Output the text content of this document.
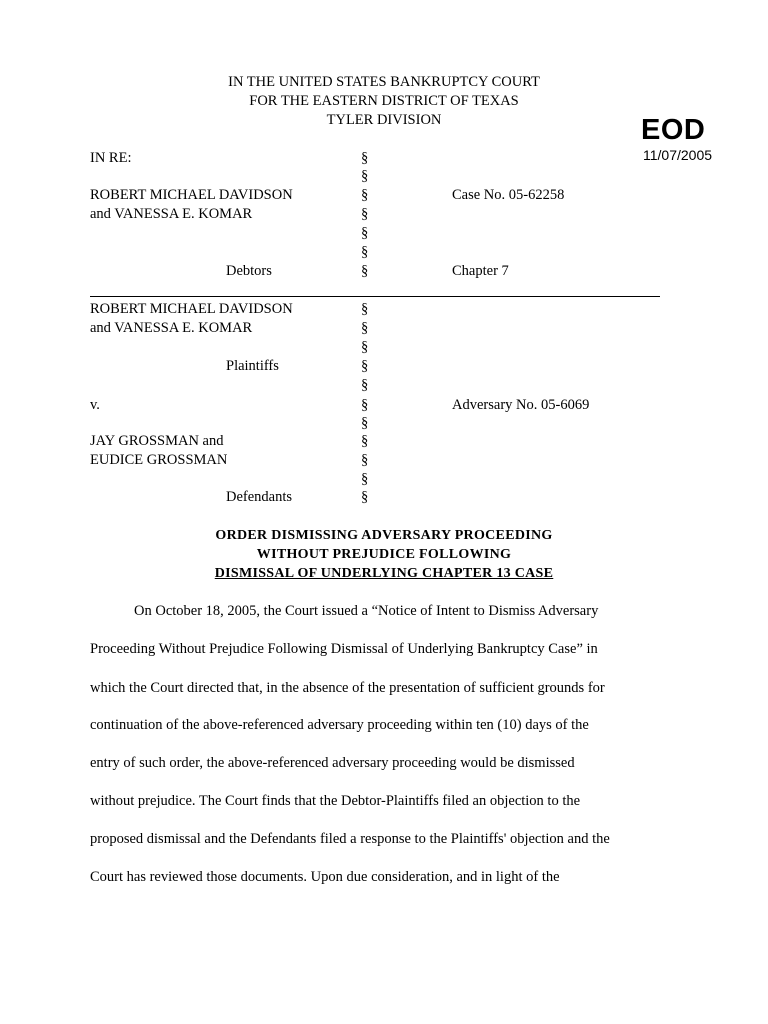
IN THE UNITED STATES BANKRUPTCY COURT
FOR THE EASTERN DISTRICT OF TEXAS
TYLER DIVISION	EOD
11/07/2005
IN RE:
ROBERT MICHAEL DAVIDSON
and VANESSA E. KOMAR
Debtors
ROBERT MICHAEL DAVIDSON
and VANESSA E. KOMAR
Plaintiffs
v.
JAY GROSSMAN and
EUDICE GROSSMAN
Defendants
Case No. 05-62258
Chapter 7
Adversary No. 05-6069
§
§
§
§
§
§
§
§
§
§
§
§
§
§
§
§
§
§
ORDER DISMISSING ADVERSARY PROCEEDING
WITHOUT PREJUDICE FOLLOWING
DISMISSAL OF UNDERLYING CHAPTER 13 CASE
On October 18, 2005, the Court issued a “Notice of Intent to Dismiss Adversary
Proceeding Without Prejudice Following Dismissal of Underlying Bankruptcy Case” in
which the Court directed that, in the absence of the presentation of sufficient grounds for
continuation of the above-referenced adversary proceeding within ten (10) days of the
entry of such order, the above-referenced adversary proceeding would be dismissed
without prejudice. The Court finds that the Debtor-Plaintiffs filed an objection to the
proposed dismissal and the Defendants filed a response to the Plaintiffs' objection and the
Court has reviewed those documents. Upon due consideration, and in light of the
